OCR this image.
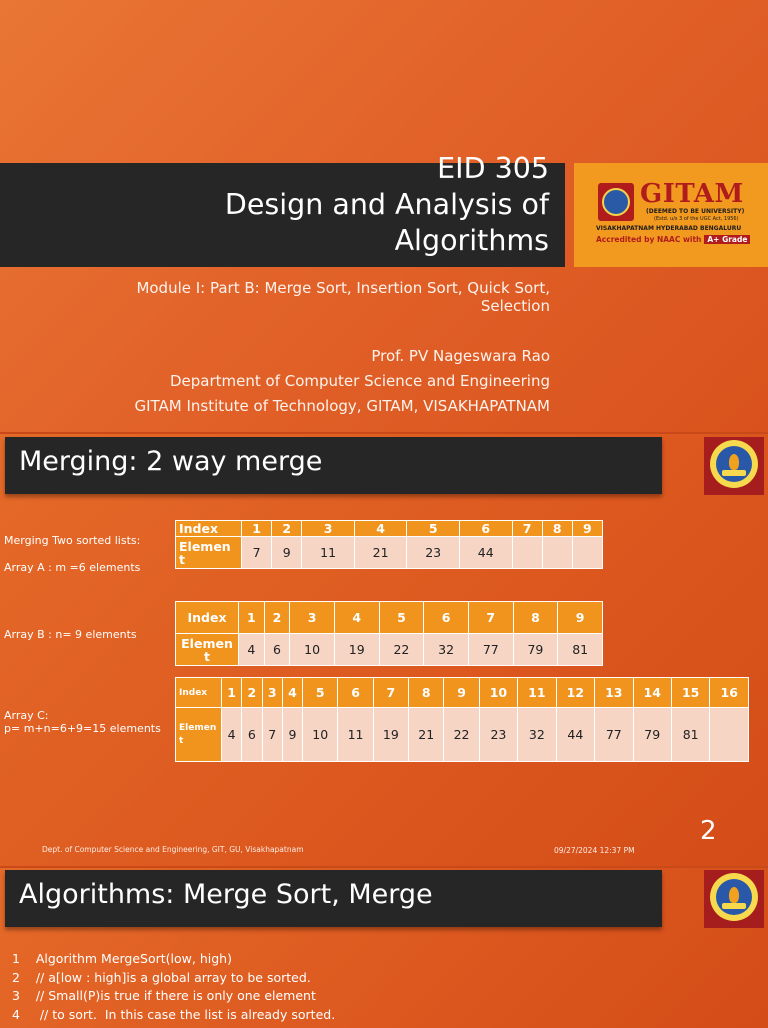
EID 305
Design and Analysis of
Algorithms
GITAM
(DEEMED TO BE UNIVERSITY)
(Estd. u/s 3 of the UGC Act, 1956)
VISAKHAPATNAM HYDERABAD BENGALURU
Accredited by NAAC with A+ Grade
Module I: Part B: Merge Sort, Insertion Sort, Quick Sort,
Selection
Prof. PV Nageswara Rao
Department of Computer Science and Engineering
GITAM Institute of Technology, GITAM, VISAKHAPATNAM
Merging: 2 way merge
Merging Two sorted lists:
Array A : m =6 elements
Array B : n= 9 elements
Array C:
p= m+n=6+9=15 elements
Index	1	2	3	4	5	6	7	8	9
Elemen t	7	9	11	21	23	44			
Index	1	2	3	4	5	6	7	8	9
Elemen t	4	6	10	19	22	32	77	79	81
Index	1	2	3	4	5	6	7	8	9	10	11	12	13	14	15	16
Elemen t	4	6	7	9	10	11	19	21	22	23	32	44	77	79	81	
Dept. of Computer Science and Engineering, GIT, GU, Visakhapatnam	09/27/2024 12:37 PM
2
Algorithms: Merge Sort, Merge
1    Algorithm MergeSort(low, high)
2    // a[low : high]is a global array to be sorted.
3    // Small(P)is true if there is only one element
4     // to sort.  In this case the list is already sorted.
